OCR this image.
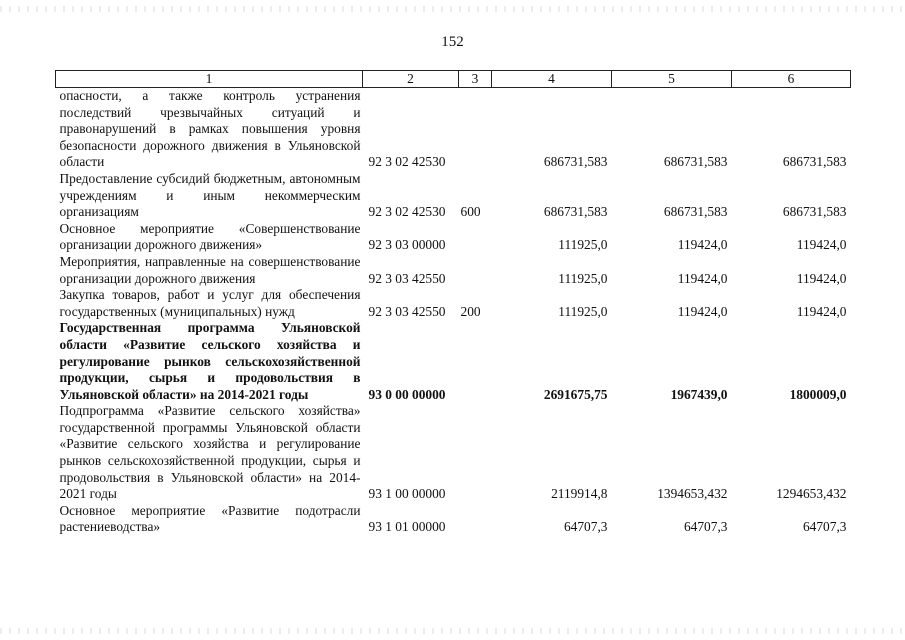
152
1	2	3	4	5	6
опасности, а также контроль устранения последствий чрезвычайных ситуаций и правонарушений в рамках повышения уровня безопасности дорожного движения в Ульяновской области	92 3 02 42530		686731,583	686731,583	686731,583
Предоставление субсидий бюджетным, автономным учреждениям и иным некоммерческим организациям	92 3 02 42530	600	686731,583	686731,583	686731,583
Основное мероприятие «Совершенствование организации дорожного движения»	92 3 03 00000		111925,0	119424,0	119424,0
Мероприятия, направленные на совершенствование организации дорожного движения	92 3 03 42550		111925,0	119424,0	119424,0
Закупка товаров, работ и услуг для обеспечения государственных (муниципальных) нужд	92 3 03 42550	200	111925,0	119424,0	119424,0
Государственная программа Ульяновской области «Развитие сельского хозяйства и регулирование рынков сельскохозяйственной продукции, сырья и продовольствия в Ульяновской области» на 2014-2021 годы	93 0 00 00000		2691675,75	1967439,0	1800009,0
Подпрограмма «Развитие сельского хозяйства» государственной программы Ульяновской области «Развитие сельского хозяйства и регулирование рынков сельскохозяйственной продукции, сырья и продовольствия в Ульяновской области» на 2014-2021 годы	93 1 00 00000		2119914,8	1394653,432	1294653,432
Основное мероприятие «Развитие подотрасли растениеводства»	93 1 01 00000		64707,3	64707,3	64707,3
